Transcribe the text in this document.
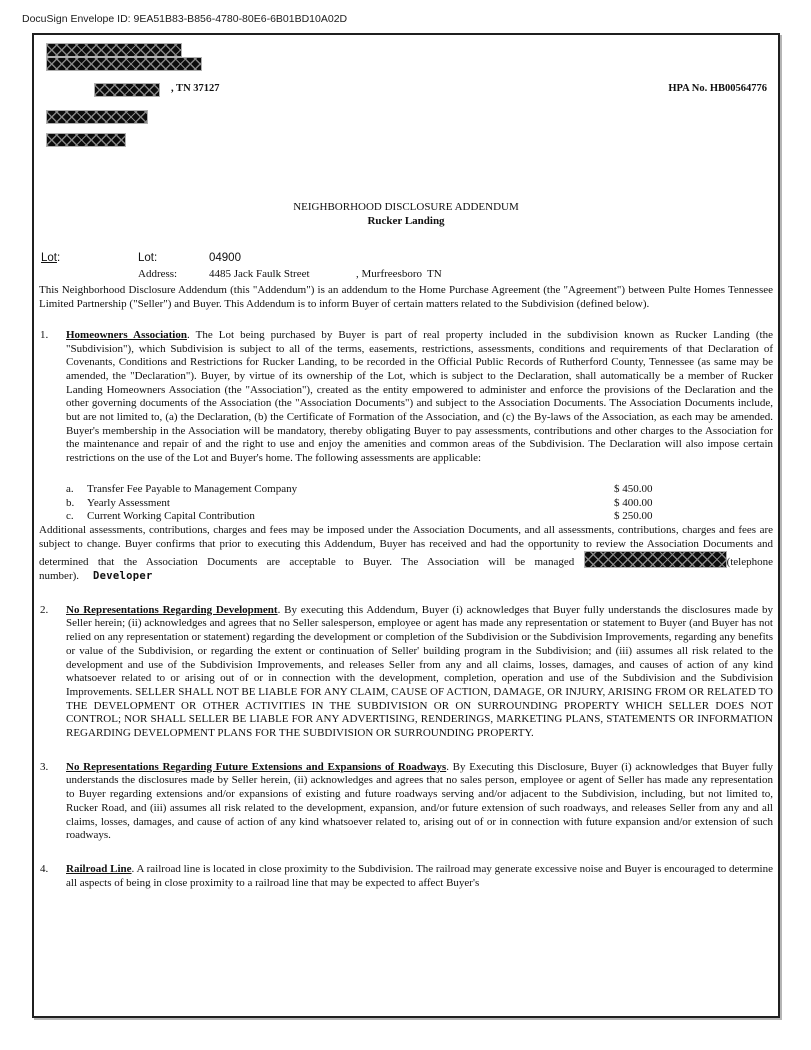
DocuSign Envelope ID: 9EA51B83-B856-4780-80E6-6B01BD10A02D
, TN 37127	HPA No. HB00564776
NEIGHBORHOOD DISCLOSURE ADDENDUM
Rucker Landing
Lot:	Lot:	04900
Address:	4485 Jack Faulk Street	, Murfreesboro TN

This Neighborhood Disclosure Addendum (this "Addendum") is an addendum to the Home Purchase Agreement (the "Agreement") between Pulte Homes Tennessee Limited Partnership ("Seller") and Buyer. This Addendum is to inform Buyer of certain matters related to the Subdivision (defined below).

1. Homeowners Association. The Lot being purchased by Buyer is part of real property included in the subdivision known as Rucker Landing (the "Subdivision"), which Subdivision is subject to all of the terms, easements, restrictions, assessments, conditions and requirements of that Declaration of Covenants, Conditions and Restrictions for Rucker Landing, to be recorded in the Official Public Records of Rutherford County, Tennessee (as same may be amended, the "Declaration"). Buyer, by virtue of its ownership of the Lot, which is subject to the Declaration, shall automatically be a member of Rucker Landing Homeowners Association (the "Association"), created as the entity empowered to administer and enforce the provisions of the Declaration and the other governing documents of the Association (the "Association Documents") and subject to the Association Documents. The Association Documents include, but are not limited to, (a) the Declaration, (b) the Certificate of Formation of the Association, and (c) the By-laws of the Association, as each may be amended. Buyer's membership in the Association will be mandatory, thereby obligating Buyer to pay assessments, contributions and other charges to the Association for the maintenance and repair of and the right to use and enjoy the amenities and common areas of the Subdivision. The Declaration will also impose certain restrictions on the use of the Lot and Buyer's home. The following assessments are applicable:

a. Transfer Fee Payable to Management Company	$ 450.00
b. Yearly Assessment	$ 400.00
c. Current Working Capital Contribution	$ 250.00

Additional assessments, contributions, charges and fees may be imposed under the Association Documents, and all assessments, contributions, charges and fees are subject to change. Buyer confirms that prior to executing this Addendum, Buyer has received and had the opportunity to review the Association Documents and determined that the Association Documents are acceptable to Buyer. The Association will be managed	(telephone number). Developer

2. No Representations Regarding Development. By executing this Addendum, Buyer (i) acknowledges that Buyer fully understands the disclosures made by Seller herein; (ii) acknowledges and agrees that no Seller salesperson, employee or agent has made any representation or statement to Buyer (and Buyer has not relied on any representation or statement) regarding the development or completion of the Subdivision or the Subdivision Improvements, regarding any benefits or value of the Subdivision, or regarding the extent or continuation of Seller' building program in the Subdivision; and (iii) assumes all risk related to the development and use of the Subdivision Improvements, and releases Seller from any and all claims, losses, damages, and causes of action of any kind whatsoever related to or arising out of or in connection with the development, completion, operation and use of the Subdivision and the Subdivision Improvements. SELLER SHALL NOT BE LIABLE FOR ANY CLAIM, CAUSE OF ACTION, DAMAGE, OR INJURY, ARISING FROM OR RELATED TO THE DEVELOPMENT OR OTHER ACTIVITIES IN THE SUBDIVISION OR ON SURROUNDING PROPERTY WHICH SELLER DOES NOT CONTROL; NOR SHALL SELLER BE LIABLE FOR ANY ADVERTISING, RENDERINGS, MARKETING PLANS, STATEMENTS OR INFORMATION REGARDING DEVELOPMENT PLANS FOR THE SUBDIVISION OR SURROUNDING PROPERTY.

3. No Representations Regarding Future Extensions and Expansions of Roadways. By Executing this Disclosure, Buyer (i) acknowledges that Buyer fully understands the disclosures made by Seller herein, (ii) acknowledges and agrees that no sales person, employee or agent of Seller has made any representation to Buyer regarding extensions and/or expansions of existing and future roadways serving and/or adjacent to the Subdivision, including, but not limited to, Rucker Road, and (iii) assumes all risk related to the development, expansion, and/or future extension of such roadways, and releases Seller from any and all claims, losses, damages, and cause of action of any kind whatsoever related to, arising out of or in connection with future expansion and/or extension of such roadways.

4. Railroad Line. A railroad line is located in close proximity to the Subdivision. The railroad may generate excessive noise and Buyer is encouraged to determine all aspects of being in close proximity to a railroad line that may be expected to affect Buyer's
